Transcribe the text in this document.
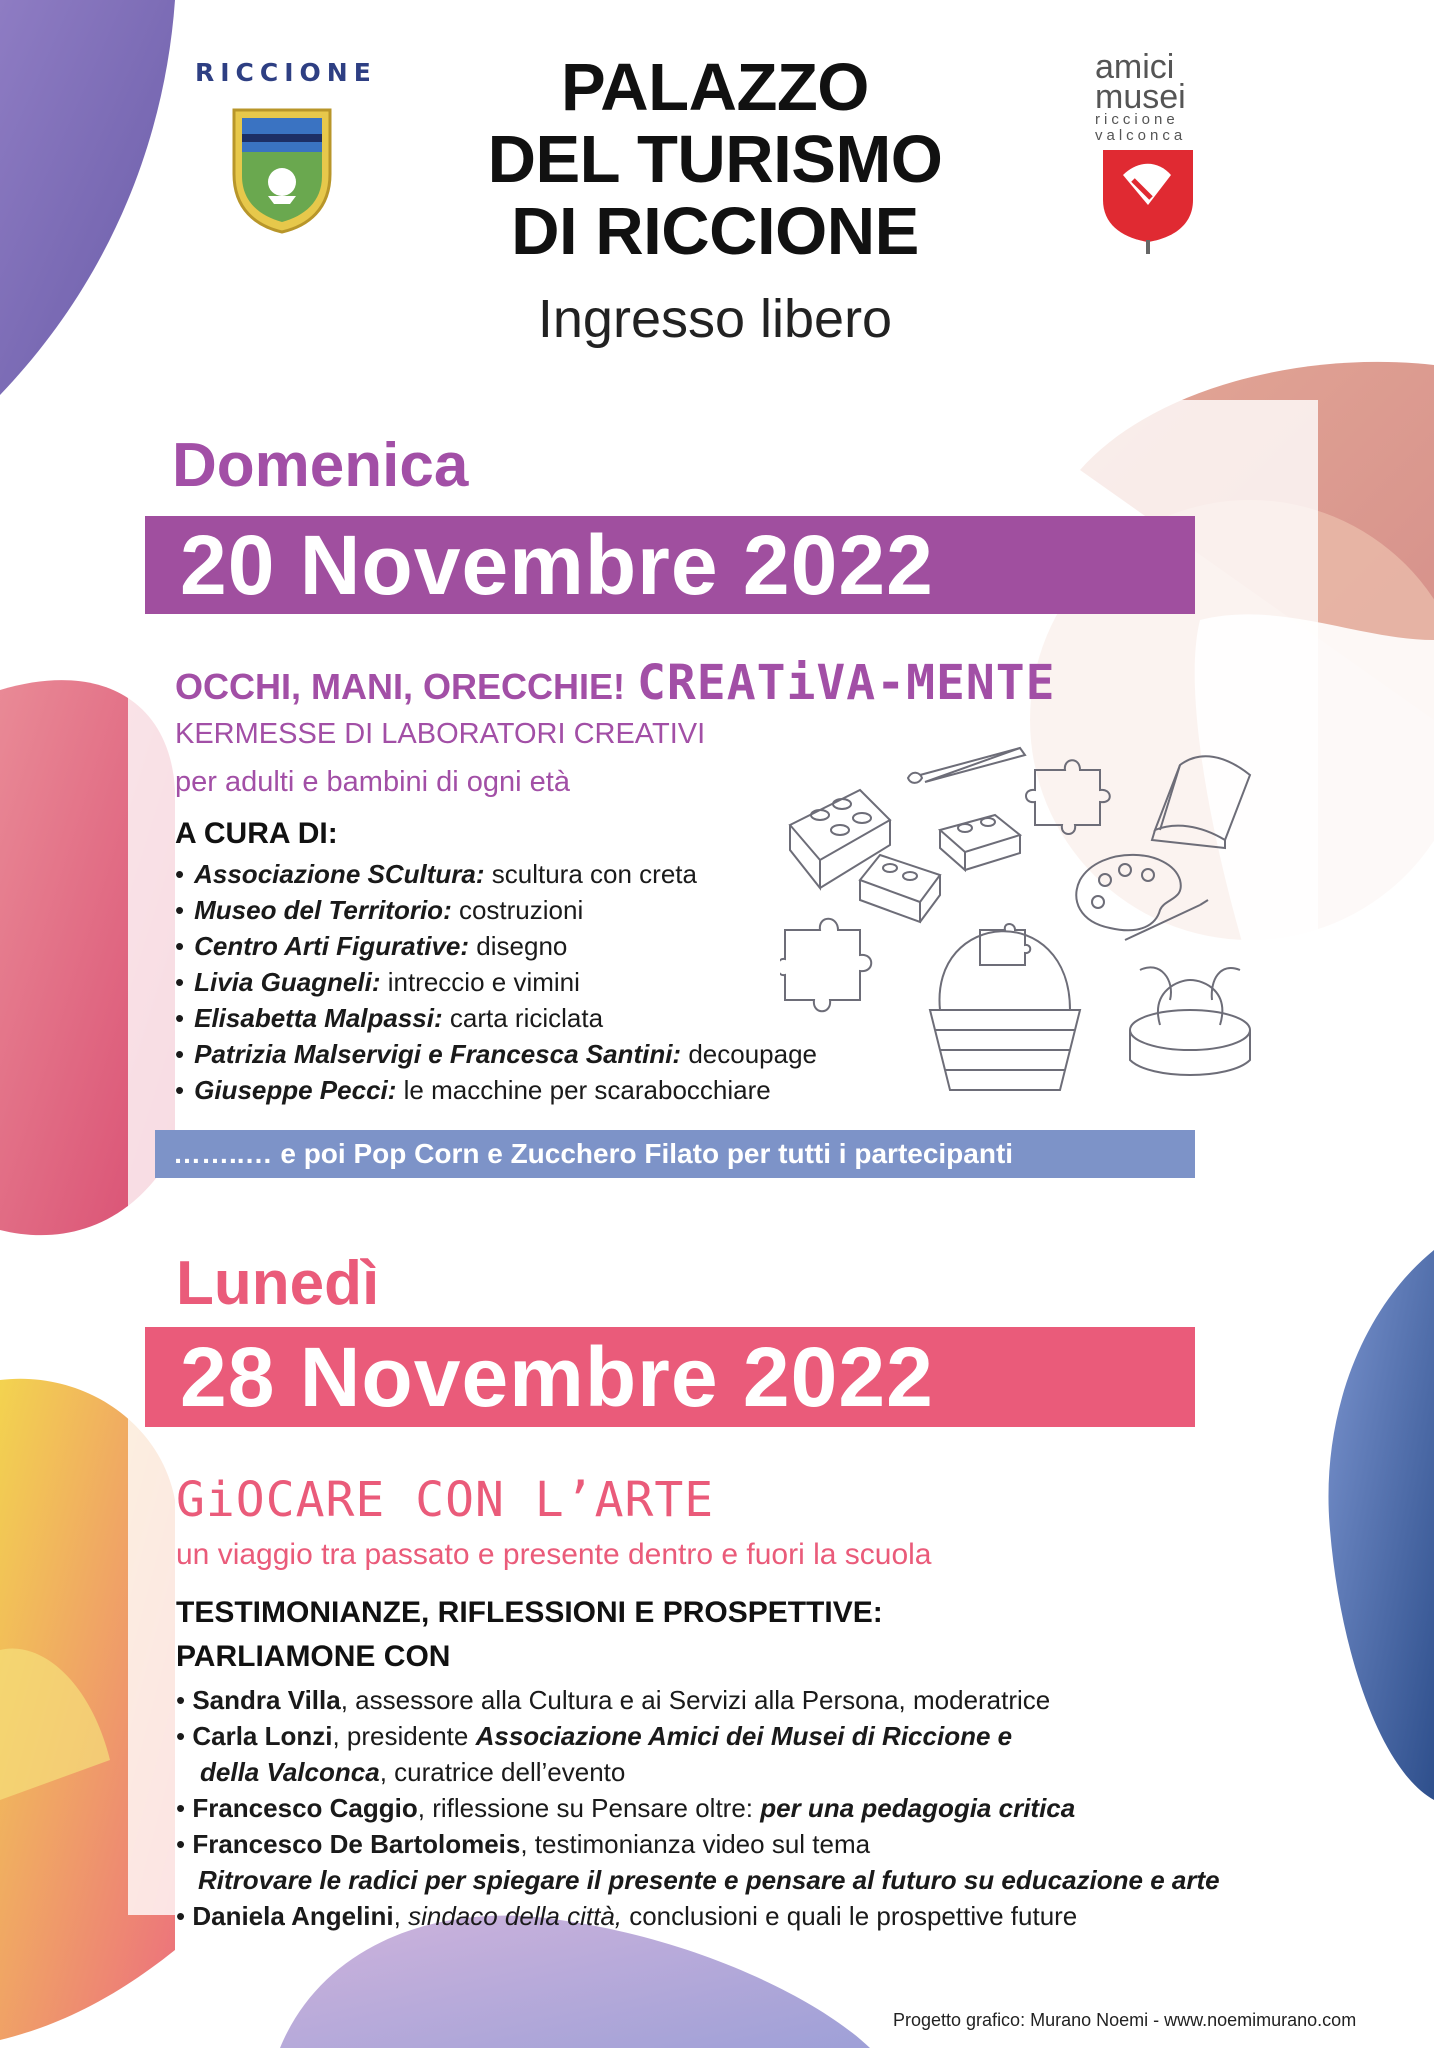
RICCIONE	PALAZZO
DEL TURISMO
DI RICCIONE
Ingresso libero
amici
musei
riccione
valconca
Domenica
20 Novembre 2022
OCCHI, MANI, ORECCHIE! CREATiVA-MENTE
KERMESSE DI LABORATORI CREATIVI
per adulti e bambini di ogni età
A CURA DI:
• Associazione SCultura: scultura con creta
• Museo del Territorio: costruzioni
• Centro Arti Figurative: disegno
• Livia Guagneli: intreccio e vimini
• Elisabetta Malpassi: carta riciclata
• Patrizia Malservigi e Francesca Santini: decoupage
• Giuseppe Pecci: le macchine per scarabocchiare
……..… e poi Pop Corn e Zucchero Filato per tutti i partecipanti
Lunedì
28 Novembre 2022
GiOCARE CON L’ARTE
un viaggio tra passato e presente dentro e fuori la scuola
TESTIMONIANZE, RIFLESSIONI E PROSPETTIVE:
PARLIAMONE CON
• Sandra Villa, assessore alla Cultura e ai Servizi alla Persona, moderatrice
• Carla Lonzi, presidente Associazione Amici dei Musei di Riccione e
della Valconca, curatrice dell’evento
• Francesco Caggio, riflessione su Pensare oltre: per una pedagogia critica
• Francesco De Bartolomeis, testimonianza video sul tema
Ritrovare le radici per spiegare il presente e pensare al futuro su educazione e arte
• Daniela Angelini, sindaco della città, conclusioni e quali le prospettive future
Progetto grafico: Murano Noemi - www.noemimurano.com
